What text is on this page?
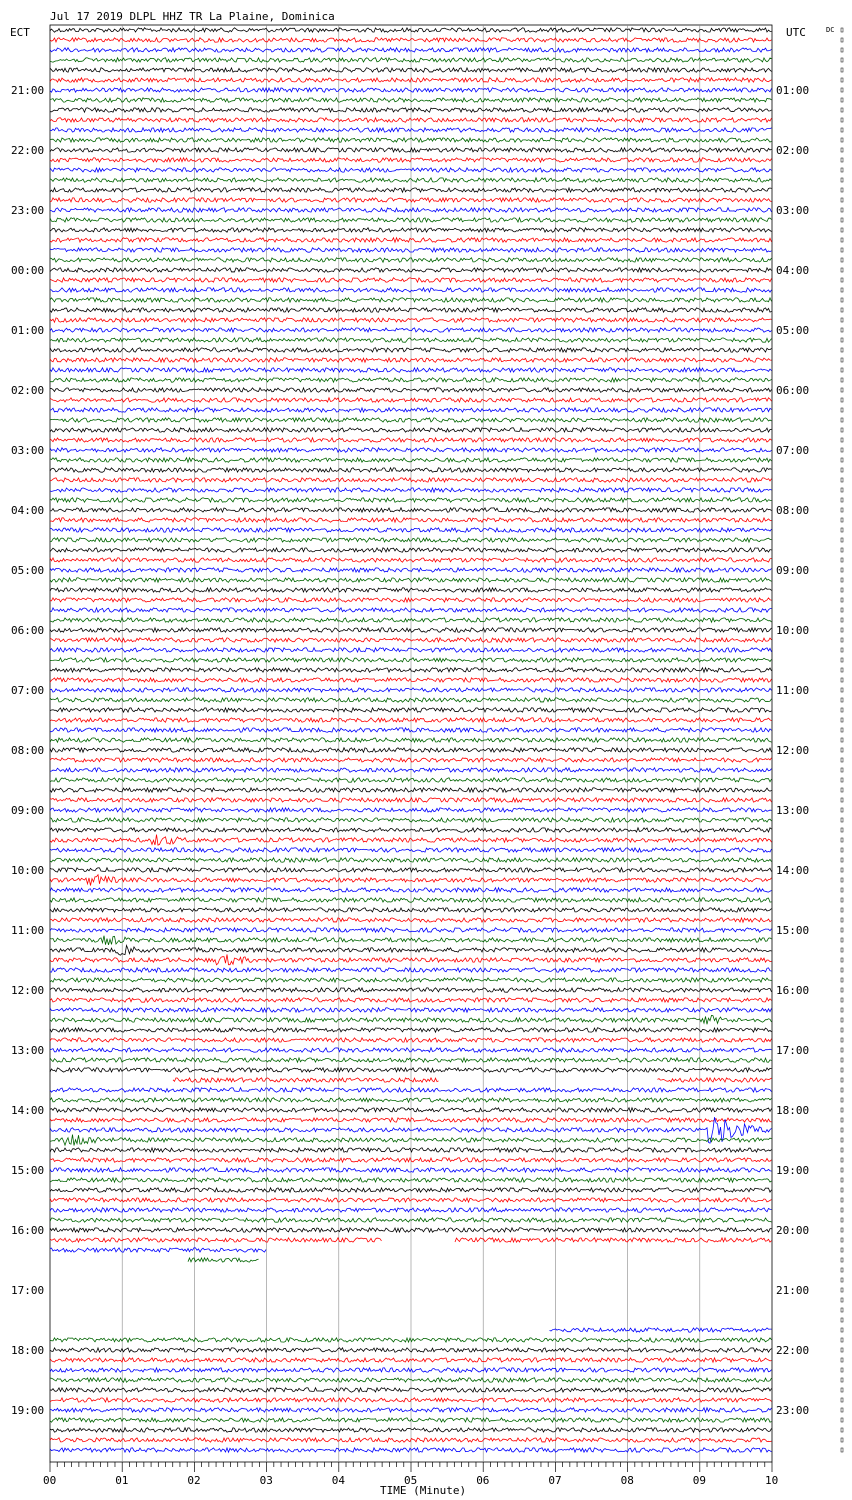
Jul 17 2019 DLPL HHZ TR La Plaine, Dominica
ECT	UTC	DC
TIME (Minute)
21:00
22:00
23:00
00:00
01:00
02:00
03:00
04:00
05:00
06:00
07:00
08:00
09:00
10:00
11:00
12:00
13:00
14:00
15:00
16:00
17:00
18:00
19:00
01:00
02:00
03:00
04:00
05:00
06:00
07:00
08:00
09:00
10:00
11:00
12:00
13:00
14:00
15:00
16:00
17:00
18:00
19:00
20:00
21:00
22:00
23:00
00	01	02	03	04	05	06	07	08	09	10
